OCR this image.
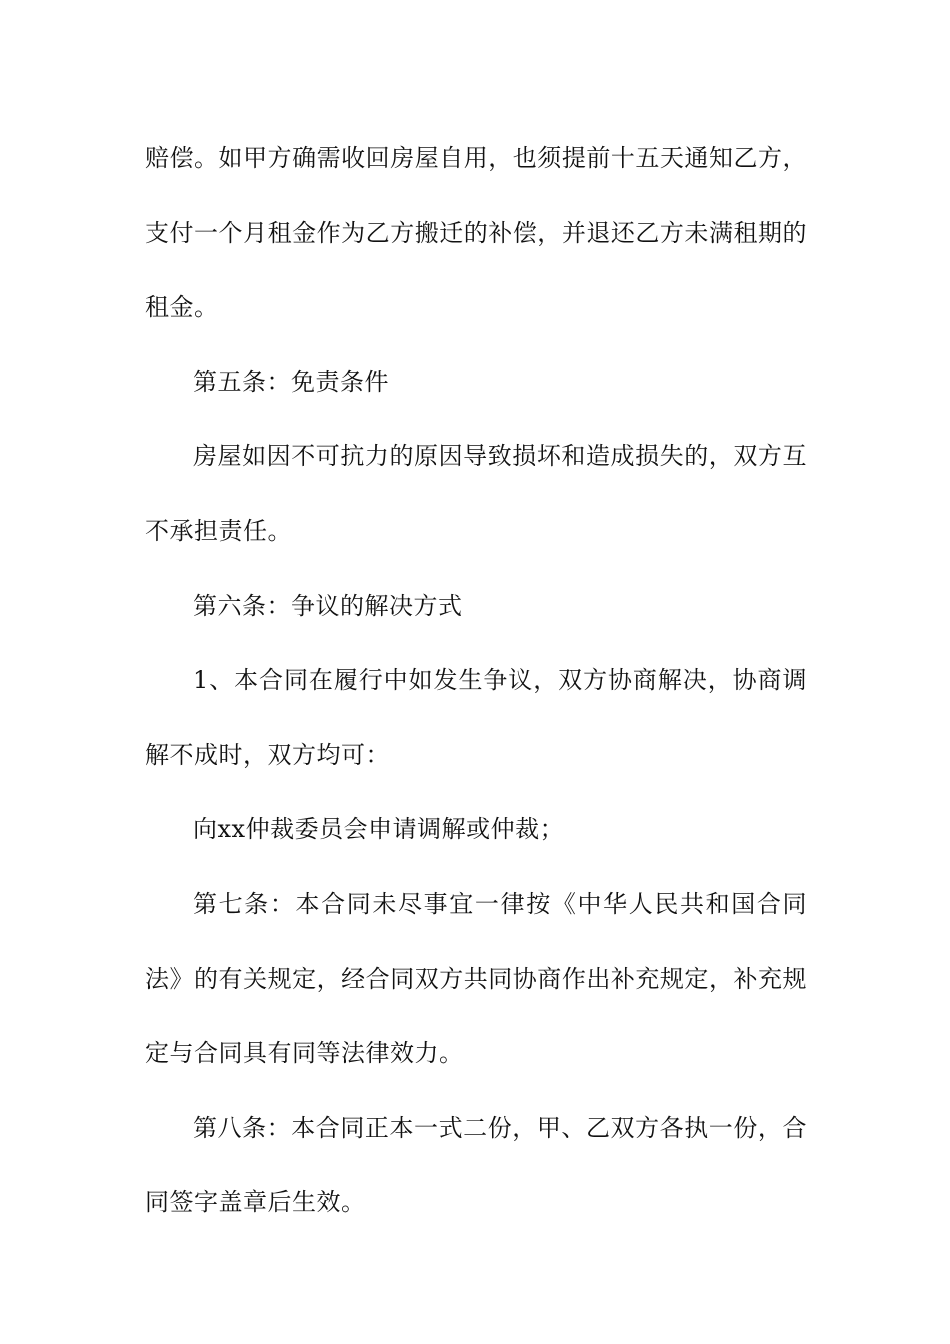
赔偿。如甲方确需收回房屋自用，也须提前十五天通知乙方，支付一个月租金作为乙方搬迁的补偿，并退还乙方未满租期的租金。

第五条：免责条件

房屋如因不可抗力的原因导致损坏和造成损失的，双方互不承担责任。

第六条：争议的解决方式

1、本合同在履行中如发生争议，双方协商解决，协商调解不成时，双方均可：

向xx仲裁委员会申请调解或仲裁；

第七条：本合同未尽事宜一律按《中华人民共和国合同法》的有关规定，经合同双方共同协商作出补充规定，补充规定与合同具有同等法律效力。

第八条：本合同正本一式二份，甲、乙双方各执一份，合同签字盖章后生效。
